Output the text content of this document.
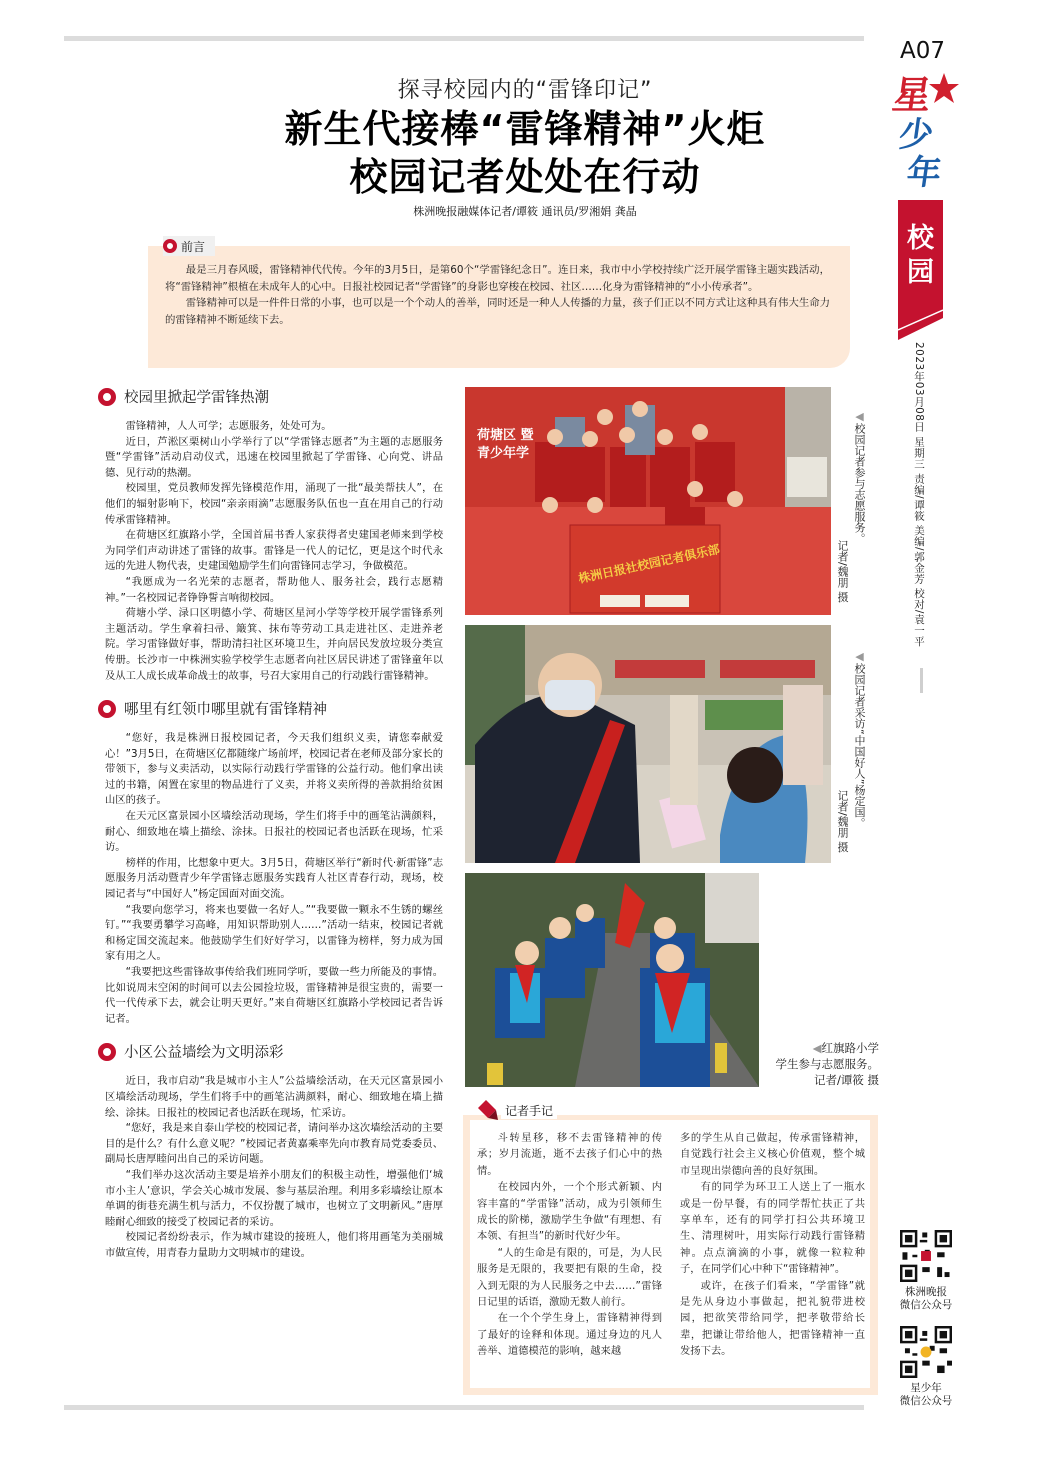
A07
星
少
年
校园
2023年03月08日 星期三 责编/谭筱 美编/郭金芳 校对/袁一平
探寻校园内的“雷锋印记”
新生代接棒“雷锋精神”火炬
校园记者处处在行动
株洲晚报融媒体记者/谭筱 通讯员/罗湘娟 龚晶
前言

最是三月春风暖，雷锋精神代代传。今年的3月5日，是第60个“学雷锋纪念日”。连日来，我市中小学校持续广泛开展学雷锋主题实践活动，将“雷锋精神”根植在未成年人的心中。日报社校园记者“学雷锋”的身影也穿梭在校园、社区……化身为雷锋精神的“小小传承者”。

雷锋精神可以是一件件日常的小事，也可以是一个个动人的善举，同时还是一种人人传播的力量，孩子们正以不同方式让这种具有伟大生命力的雷锋精神不断延续下去。

校园里掀起学雷锋热潮

雷锋精神，人人可学；志愿服务，处处可为。

近日，芦淞区栗树山小学举行了以“学雷锋志愿者”为主题的志愿服务暨“学雷锋”活动启动仪式，迅速在校园里掀起了学雷锋、心向党、讲品德、见行动的热潮。

校园里，党员教师发挥先锋模范作用，涌现了一批“最美帮扶人”，在他们的辐射影响下，校园“亲亲雨滴”志愿服务队伍也一直在用自己的行动传承雷锋精神。

在荷塘区红旗路小学，全国首届书香人家获得者史建国老师来到学校为同学们声动讲述了雷锋的故事。雷锋是一代人的记忆，更是这个时代永远的先进人物代表，史建国勉励学生们向雷锋同志学习，争做模范。

“我愿成为一名光荣的志愿者，帮助他人、服务社会，践行志愿精神。”一名校园记者铮铮誓言响彻校园。

荷塘小学、渌口区明德小学、荷塘区星河小学等学校开展学雷锋系列主题活动。学生拿着扫帚、簸箕、抹布等劳动工具走进社区、走进养老院。学习雷锋做好事，帮助清扫社区环境卫生，并向居民发放垃圾分类宣传册。长沙市一中株洲实验学校学生志愿者向社区居民讲述了雷锋童年以及从工人成长成革命战士的故事，号召大家用自己的行动践行雷锋精神。

哪里有红领巾哪里就有雷锋精神

“您好，我是株洲日报校园记者，今天我们组织义卖，请您奉献爱心！”3月5日，在荷塘区亿都随缘广场前坪，校园记者在老师及部分家长的带领下，参与义卖活动，以实际行动践行学雷锋的公益行动。他们拿出读过的书籍，闲置在家里的物品进行了义卖，并将义卖所得的善款捐给贫困山区的孩子。

在天元区富景园小区墙绘活动现场，学生们将手中的画笔沾满颜料，耐心、细致地在墙上描绘、涂抹。日报社的校园记者也活跃在现场，忙采访。

榜样的作用，比想象中更大。3月5日，荷塘区举行“新时代·新雷锋”志愿服务月活动暨青少年学雷锋志愿服务实践育人社区青春行动，现场，校园记者与“中国好人”杨定国面对面交流。

“我要向您学习，将来也要做一名好人。”“我要做一颗永不生锈的螺丝钉。”“我要勇攀学习高峰，用知识帮助别人……”活动一结束，校园记者就和杨定国交流起来。他鼓励学生们好好学习，以雷锋为榜样，努力成为国家有用之人。

“我要把这些雷锋故事传给我们班同学听，要做一些力所能及的事情。比如说周末空闲的时间可以去公园捡垃圾，雷锋精神是很宝贵的，需要一代一代传承下去，就会让明天更好。”来自荷塘区红旗路小学校园记者告诉记者。

小区公益墙绘为文明添彩

近日，我市启动“我是城市小主人”公益墙绘活动，在天元区富景园小区墙绘活动现场，学生们将手中的画笔沾满颜料，耐心、细致地在墙上描绘、涂抹。日报社的校园记者也活跃在现场，忙采访。

“您好，我是来自泰山学校的校园记者，请问举办这次墙绘活动的主要目的是什么？有什么意义呢？”校园记者黄嘉乘率先向市教育局党委委员、副局长唐厚睦问出自己的采访问题。

“我们举办这次活动主要是培养小朋友们的积极主动性，增强他们‘城市小主人’意识，学会关心城市发展、参与基层治理。利用多彩墙绘让原本单调的街巷充满生机与活力，不仅扮靓了城市，也树立了文明新风。”唐厚睦耐心细致的接受了校园记者的采访。

校园记者纷纷表示，作为城市建设的接班人，他们将用画笔为美丽城市做宣传，用青春力量助力文明城市的建设。

荷塘区 暨青少年学
株洲日报社校园记者俱乐部
◀校园记者参与志愿服务。
记者/魏朋 摄
◀校园记者采访“中国好人”杨定国。
记者/魏朋 摄
◀红旗路小学
学生参与志愿服务。
记者/谭筱 摄
记者手记

斗转星移，移不去雷锋精神的传承；岁月流逝，逝不去孩子们心中的热情。

在校园内外，一个个形式新颖、内容丰富的“学雷锋”活动，成为引领师生成长的阶梯，激励学生争做“有理想、有本领、有担当”的新时代好少年。

“人的生命是有限的，可是，为人民服务是无限的，我要把有限的生命，投入到无限的为人民服务之中去……”雷锋日记里的话语，激励无数人前行。

在一个个学生身上，雷锋精神得到了最好的诠释和体现。通过身边的凡人善举、道德模范的影响，越来越

多的学生从自己做起，传承雷锋精神，自觉践行社会主义核心价值观，整个城市呈现出崇德向善的良好氛围。

有的同学为环卫工人送上了一瓶水或是一份早餐，有的同学帮忙扶正了共享单车，还有的同学打扫公共环境卫生、清理树叶，用实际行动践行雷锋精神。点点滴滴的小事，就像一粒粒种子，在同学们心中种下“雷锋精神”。

或许，在孩子们看来，“学雷锋”就是先从身边小事做起，把礼貌带进校园，把欲笑带给同学，把孝敬带给长辈，把谦让带给他人，把雷锋精神一直发扬下去。

株洲晚报
微信公众号
星少年
微信公众号
